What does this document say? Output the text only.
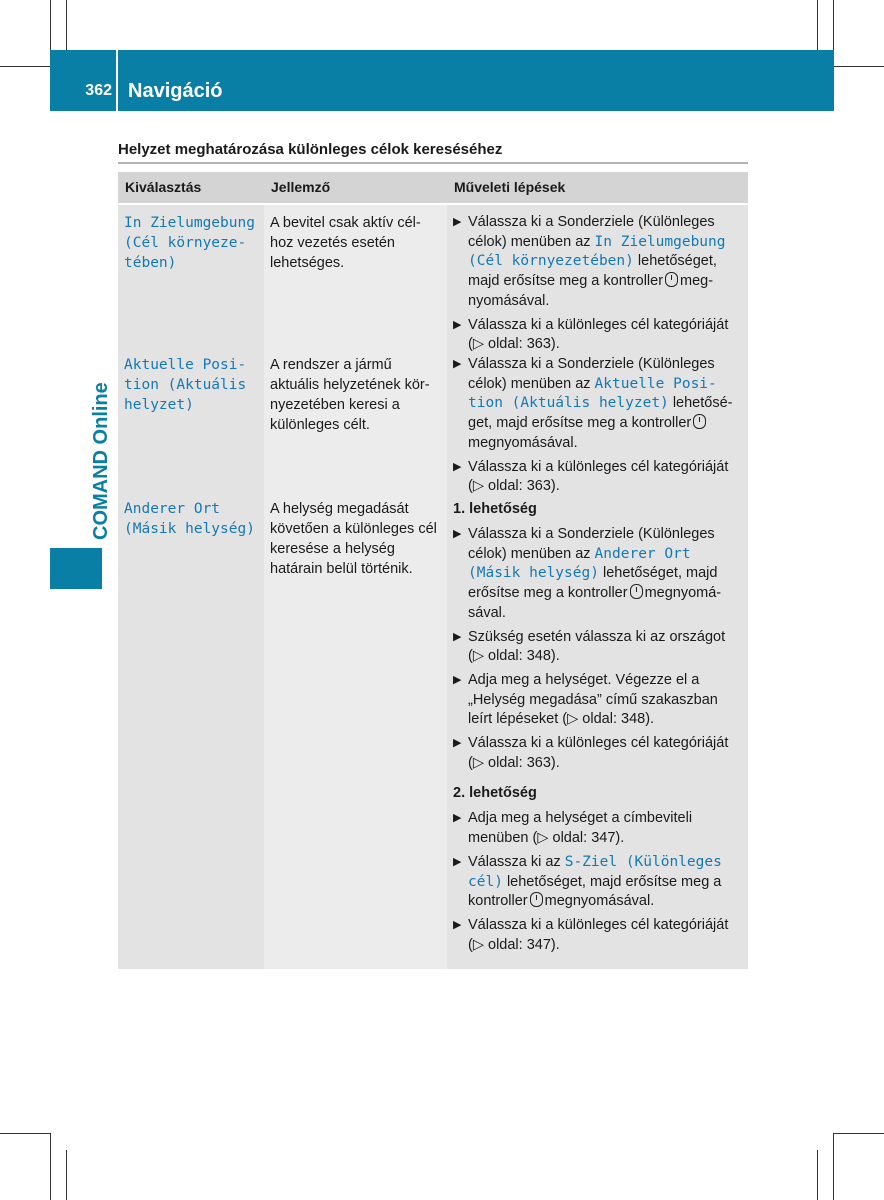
362 Navigáció
COMAND Online
Helyzet meghatározása különleges célok kereséséhez
Kiválasztás	Jellemző	Műveleti lépések
In Zielumgebung (Cél környeze- tében)
A bevitel csak aktív cél- hoz vezetés esetén lehetséges.
▶ Válassza ki a Sonderziele (Különleges célok) menüben az In Zielumgebung (Cél környezetében) lehetőséget, majd erősítse meg a kontroller meg- nyomásával.
▶ Válassza ki a különleges cél kategóriáját (▷ oldal: 363).
Aktuelle Posi- tion (Aktuális helyzet)
A rendszer a jármű aktuális helyzetének kör- nyezetében keresi a különleges célt.
▶ Válassza ki a Sonderziele (Különleges célok) menüben az Aktuelle Posi- tion (Aktuális helyzet) lehetősé- get, majd erősítse meg a kontrollermegnyomásával.
▶ Válassza ki a különleges cél kategóriáját (▷ oldal: 363).
Anderer Ort (Másik helység)
A helység megadását követően a különleges cél keresése a helység határain belül történik.
1. lehetőség
▶ Válassza ki a Sonderziele (Különleges célok) menüben az Anderer Ort (Másik helység) lehetőséget, majd erősítse meg a kontroller megnyomá- sával.
▶ Szükség esetén válassza ki az országot (▷ oldal: 348).
▶ Adja meg a helységet. Végezze el a „Helység megadása” című szakaszban leírt lépéseket (▷ oldal: 348).
▶ Válassza ki a különleges cél kategóriáját (▷ oldal: 363).
2. lehetőség
▶ Adja meg a helységet a címbeviteli menüben (▷ oldal: 347).
▶ Válassza ki az S-Ziel (Különleges cél) lehetőséget, majd erősítse meg a kontroller megnyomásával.
▶ Válassza ki a különleges cél kategóriáját (▷ oldal: 347).
